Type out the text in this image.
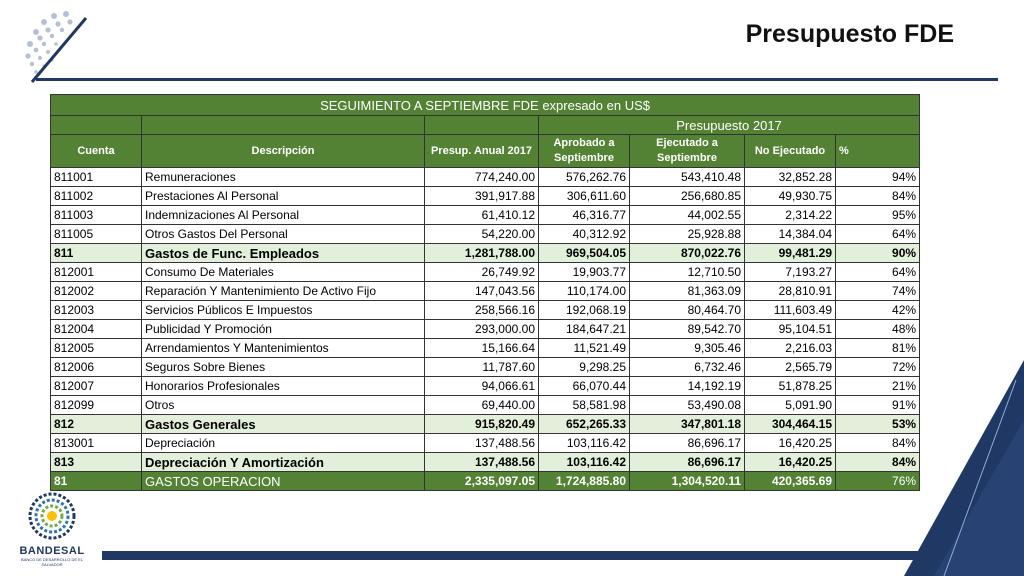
Presupuesto FDE
SEGUIMIENTO A SEPTIEMBRE FDE expresado en US$						
			Presupuesto 2017			
Cuenta	Descripción	Presup. Anual 2017	Aprobado a Septiembre	Ejecutado a Septiembre	No Ejecutado	%
811001	Remuneraciones	774,240.00	576,262.76	543,410.48	32,852.28	94%
811002	Prestaciones Al Personal	391,917.88	306,611.60	256,680.85	49,930.75	84%
811003	Indemnizaciones Al Personal	61,410.12	46,316.77	44,002.55	2,314.22	95%
811005	Otros Gastos Del Personal	54,220.00	40,312.92	25,928.88	14,384.04	64%
811	Gastos de Func. Empleados	1,281,788.00	969,504.05	870,022.76	99,481.29	90%
812001	Consumo De Materiales	26,749.92	19,903.77	12,710.50	7,193.27	64%
812002	Reparación Y Mantenimiento De Activo Fijo	147,043.56	110,174.00	81,363.09	28,810.91	74%
812003	Servicios Públicos E Impuestos	258,566.16	192,068.19	80,464.70	111,603.49	42%
812004	Publicidad Y Promoción	293,000.00	184,647.21	89,542.70	95,104.51	48%
812005	Arrendamientos Y Mantenimientos	15,166.64	11,521.49	9,305.46	2,216.03	81%
812006	Seguros Sobre Bienes	11,787.60	9,298.25	6,732.46	2,565.79	72%
812007	Honorarios Profesionales	94,066.61	66,070.44	14,192.19	51,878.25	21%
812099	Otros	69,440.00	58,581.98	53,490.08	5,091.90	91%
812	Gastos Generales	915,820.49	652,265.33	347,801.18	304,464.15	53%
813001	Depreciación	137,488.56	103,116.42	86,696.17	16,420.25	84%
813	Depreciación Y Amortización	137,488.56	103,116.42	86,696.17	16,420.25	84%
81	GASTOS OPERACION	2,335,097.05	1,724,885.80	1,304,520.11	420,365.69	76%
BANDESAL
BANCO DE DESARROLLO DE EL SALVADOR
